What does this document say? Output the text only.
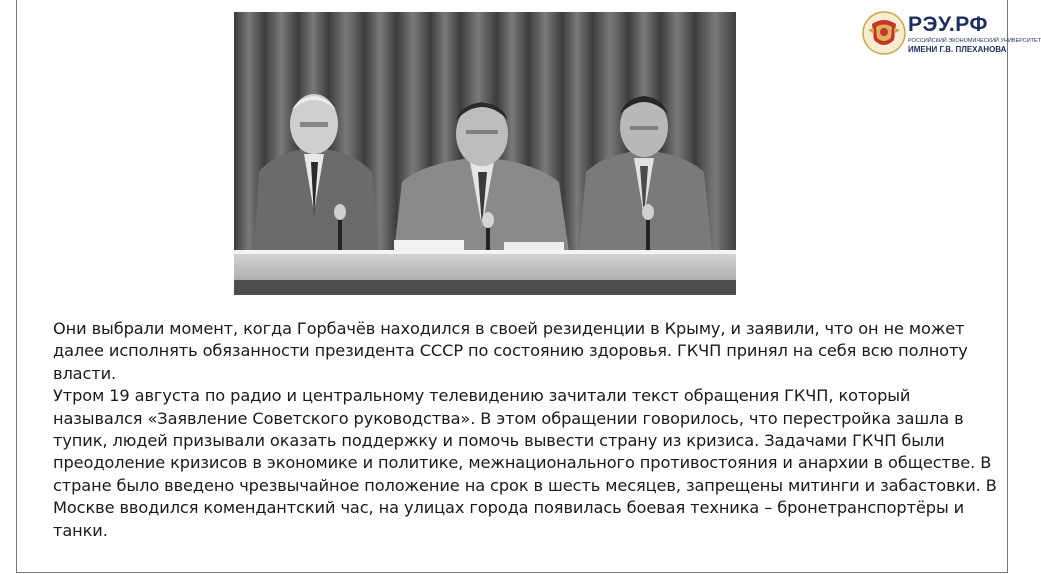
РЭУ.РФ
РОССИЙСКИЙ ЭКОНОМИЧЕСКИЙ УНИВЕРСИТЕТ
ИМЕНИ Г.В. ПЛЕХАНОВА

Они выбрали момент, когда Горбачёв находился в своей резиденции в Крыму, и заявили, что он не может далее исполнять обязанности президента СССР по состоянию здоровья. ГКЧП принял на себя всю полноту власти.

Утром 19 августа по радио и центральному телевидению зачитали текст обращения ГКЧП, который назывался «Заявление Советского руководства». В этом обращении говорилось, что перестройка зашла в тупик, людей призывали оказать поддержку и помочь вывести страну из кризиса. Задачами ГКЧП были преодоление кризисов в экономике и политике, межнационального противостояния и анархии в обществе. В стране было введено чрезвычайное положение на срок в шесть месяцев, запрещены митинги и забастовки. В Москве вводился комендантский час, на улицах города появилась боевая техника – бронетранспортёры и танки.
